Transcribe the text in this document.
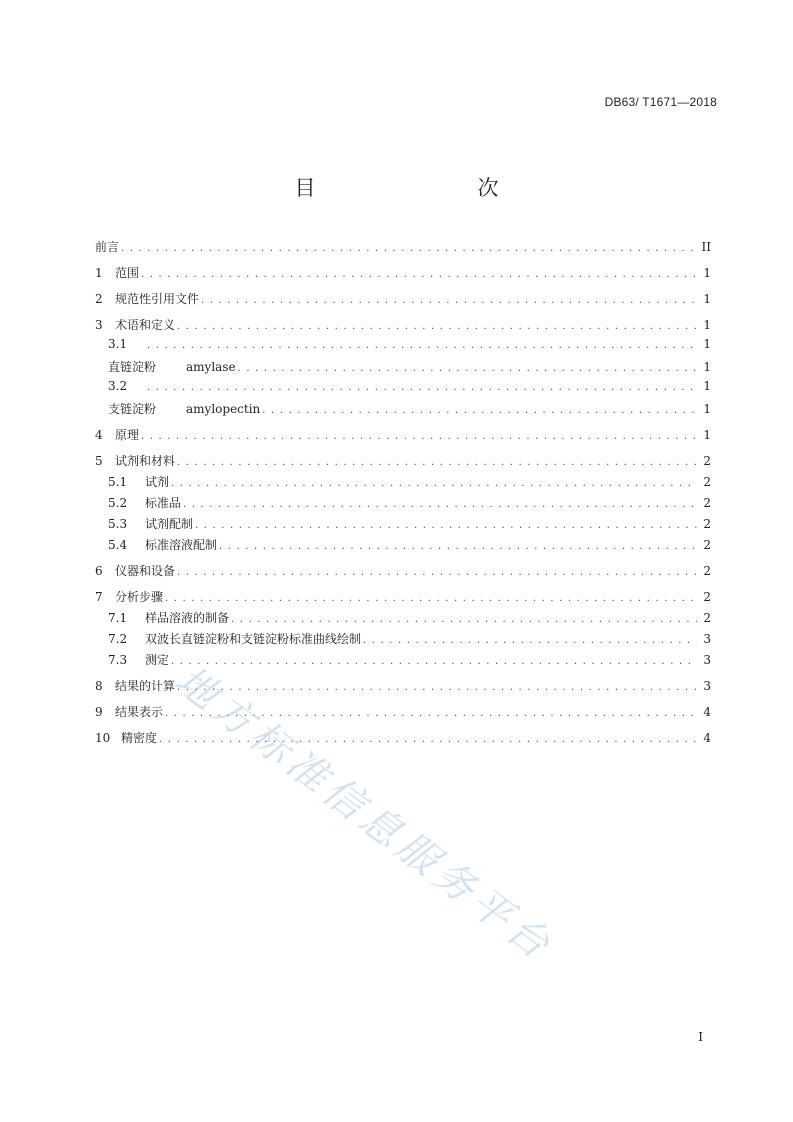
DB63/ T1671—2018
目　　次
前言 . . .	II
1	范围 . . .	1
2	规范性引用文件 . . .	1
3	术语和定义 . . .	1
3.1 . . .	1
直链淀粉	amylase . . .	1
3.2 . . .	1
支链淀粉	amylopectin . . .	1
4	原理 . . .	1
5	试剂和材料 . . .	2
5.1	试剂 . . .	2
5.2	标准品 . . .	2
5.3	试剂配制 . . .	2
5.4	标准溶液配制 . . .	2
6	仪器和设备 . . .	2
7	分析步骤 . . .	2
7.1	样品溶液的制备 . . .	2
7.2	双波长直链淀粉和支链淀粉标准曲线绘制 . . .	3
7.3	测定 . . .	3
8	结果的计算 . . .	3
9	结果表示 . . .	4
10 精密度 . . .	4
I
地方标准信息服务平台
